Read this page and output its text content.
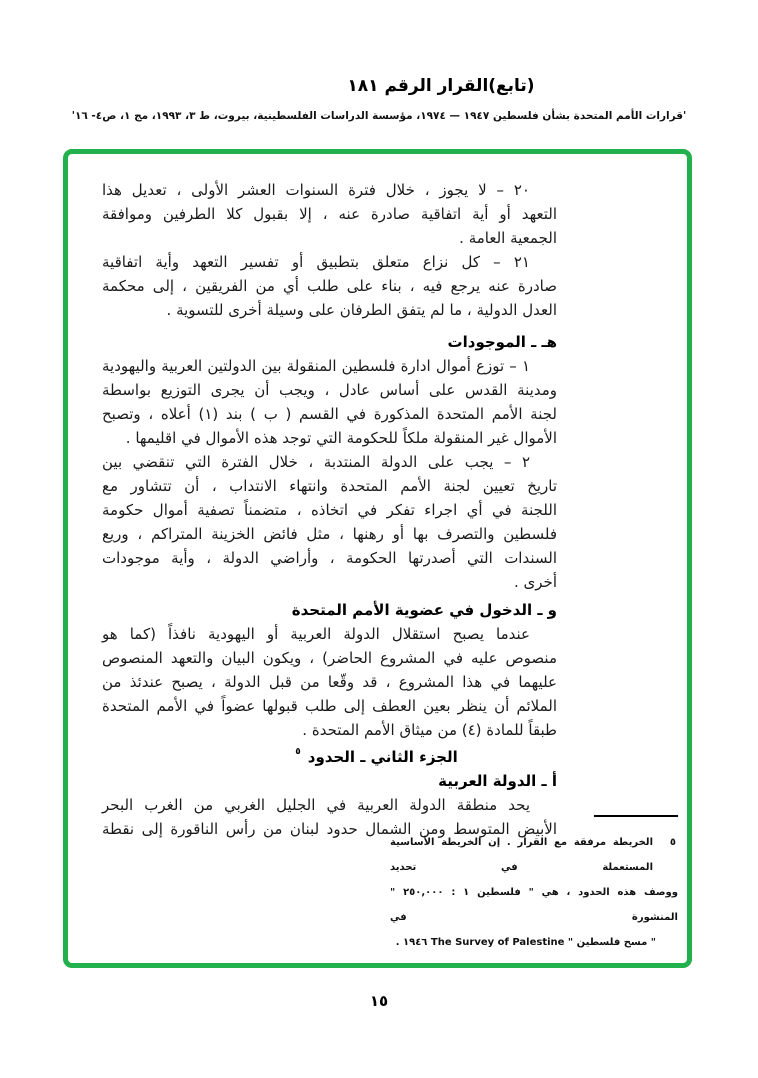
(تابع)القرار الرقم ١٨١
'قرارات الأمم المتحدة بشأن فلسطين ١٩٤٧ — ١٩٧٤، مؤسسة الدراسات الفلسطينية، بيروت، ط ٣، ١٩٩٣، مج ١، ص٤- ١٦'
٢٠ – لا يجوز ، خلال فترة السنوات العشر الأولى ، تعديل هذا
التعهد أو أية اتفاقية صادرة عنه ، إلا بقبول كلا الطرفين وموافقة
الجمعية العامة .
٢١ – كل نزاع متعلق بتطبيق أو تفسير التعهد وأية اتفاقية
صادرة عنه يرجع فيه ، بناء على طلب أي من الفريقين ، إلى محكمة
العدل الدولية ، ما لم يتفق الطرفان على وسيلة أخرى للتسوية .
هـ ـ الموجودات
١ – توزع أموال ادارة فلسطين المنقولة بين الدولتين العربية واليهودية
ومدينة القدس على أساس عادل ، ويجب أن يجرى التوزيع بواسطة
لجنة الأمم المتحدة المذكورة في القسم ( ب ) بند (١) أعلاه ، وتصبح
الأموال غير المنقولة ملكاً للحكومة التي توجد هذه الأموال في اقليمها .
٢ – يجب على الدولة المنتدبة ، خلال الفترة التي تنقضي بين
تاريخ تعيين لجنة الأمم المتحدة وانتهاء الانتداب ، أن تتشاور مع
اللجنة في أي اجراء تفكر في اتخاذه ، متضمناً تصفية أموال حكومة
فلسطين والتصرف بها أو رهنها ، مثل فائض الخزينة المتراكم ، وريع
السندات التي أصدرتها الحكومة ، وأراضي الدولة ، وأية موجودات
أخرى .
و ـ الدخول في عضوية الأمم المتحدة
عندما يصبح استقلال الدولة العربية أو اليهودية نافذاً (كما هو
منصوص عليه في المشروع الحاضر) ، ويكون البيان والتعهد المنصوص
عليهما في هذا المشروع ، قد وقّعا من قبل الدولة ، يصبح عندئذ من
الملائم أن ينظر بعين العطف إلى طلب قبولها عضواً في الأمم المتحدة
طبقاً للمادة (٤) من ميثاق الأمم المتحدة .
الجزء الثاني ـ الحدود$^٥$
أ ـ الدولة العربية
يحد منطقة الدولة العربية في الجليل الغربي من الغرب البحر
الأبيض المتوسط ومن الشمال حدود لبنان من رأس الناقورة إلى نقطة
٥
الخريطة مرفقة مع القرار . إن الخريطة الأساسية المستعملة في تحديد
ووصف هذه الحدود ، هي " فلسطين ١ : ٢٥٠,٠٠٠ " المنشورة في
" مسح فلسطين " The Survey of Palestine‏ ١٩٤٦ .
١٥
